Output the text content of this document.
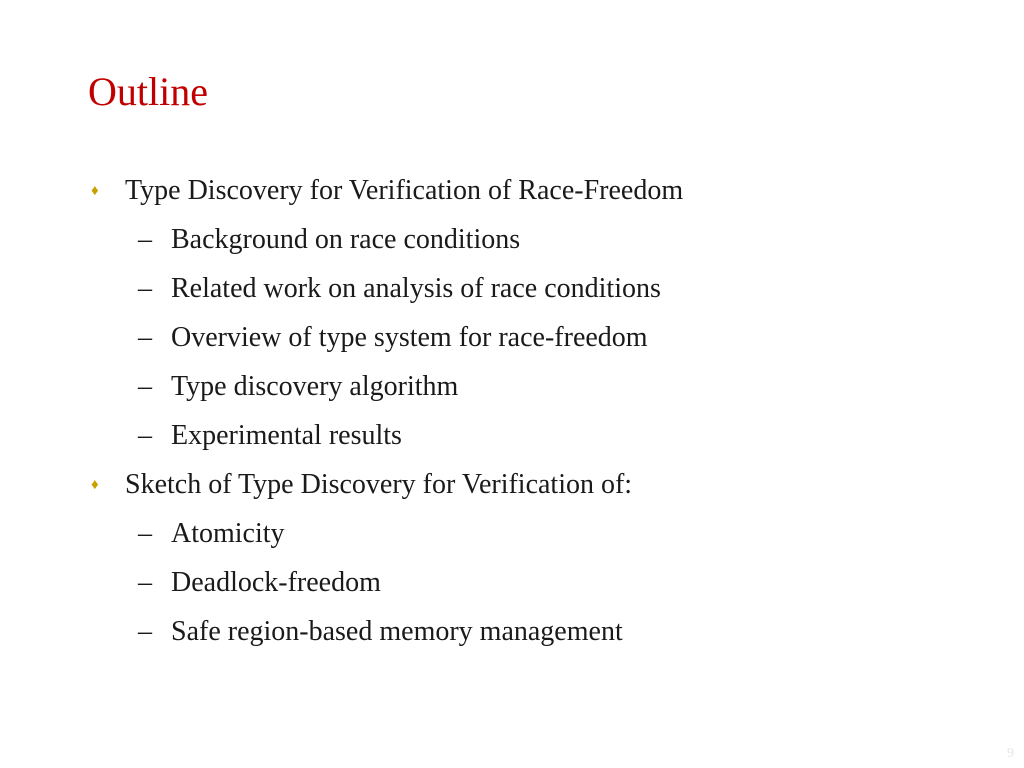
Outline
♦ Type Discovery for Verification of Race-Freedom
– Background on race conditions
– Related work on analysis of race conditions
– Overview of type system for race-freedom
– Type discovery algorithm
– Experimental results
♦ Sketch of Type Discovery for Verification of:
– Atomicity
– Deadlock-freedom
– Safe region-based memory management
9
